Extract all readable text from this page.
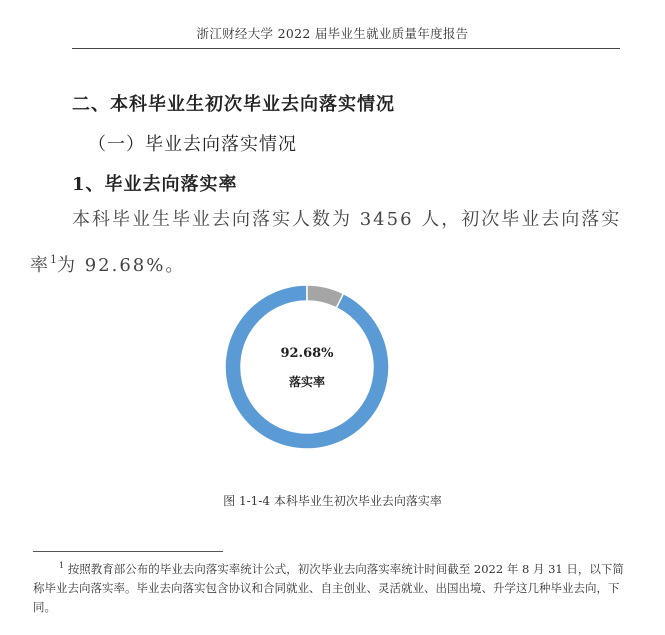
浙江财经大学 2022 届毕业生就业质量年度报告
二、本科毕业生初次毕业去向落实情况
（一）毕业去向落实情况
1、毕业去向落实率
本科毕业生毕业去向落实人数为 3456 人，初次毕业去向落实率$^1$为 92.68%。
92.68%
落实率
图 1-1-4 本科毕业生初次毕业去向落实率
$^1$ 按照教育部公布的毕业去向落实率统计公式，初次毕业去向落实率统计时间截至 2022 年 8 月 31 日，以下简称毕业去向落实率。毕业去向落实包含协议和合同就业、自主创业、灵活就业、出国出境、升学这几种毕业去向，下同。
